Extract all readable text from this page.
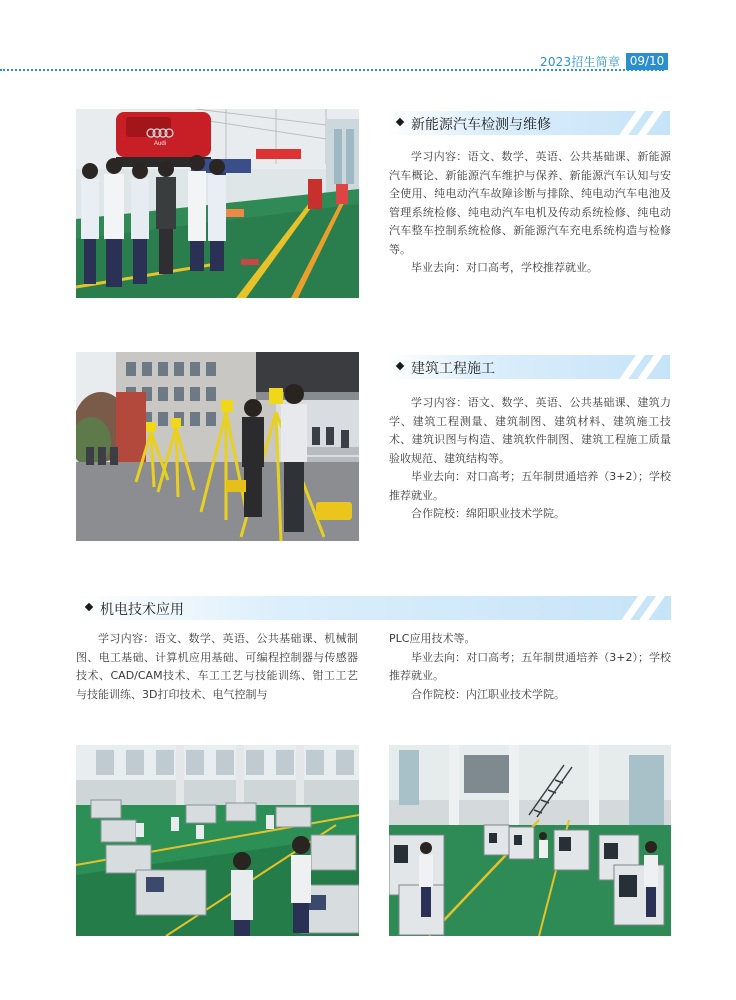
2023招生简章 09/10
Audi
新能源汽车检测与维修

学习内容：语文、数学、英语、公共基础课、新能源汽车概论、新能源汽车维护与保养、新能源汽车认知与安全使用、纯电动汽车故障诊断与排除、纯电动汽车电池及管理系统检修、纯电动汽车电机及传动系统检修、纯电动汽车整车控制系统检修、新能源汽车充电系统构造与检修等。

毕业去向：对口高考，学校推荐就业。

建筑工程施工

学习内容：语文、数学、英语、公共基础课、建筑力学、建筑工程测量、建筑制图、建筑材料、建筑施工技术、建筑识图与构造、建筑软件制图、建筑工程施工质量验收规范、建筑结构等。

毕业去向：对口高考；五年制贯通培养（3+2）；学校推荐就业。

合作院校：绵阳职业技术学院。

机电技术应用

学习内容：语文、数学、英语、公共基础课、机械制图、电工基础、计算机应用基础、可编程控制器与传感器技术、CAD/CAM技术、车工工艺与技能训练、钳工工艺与技能训练、3D打印技术、电气控制与

PLC应用技术等。

毕业去向：对口高考；五年制贯通培养（3+2）；学校推荐就业。

合作院校：内江职业技术学院。
